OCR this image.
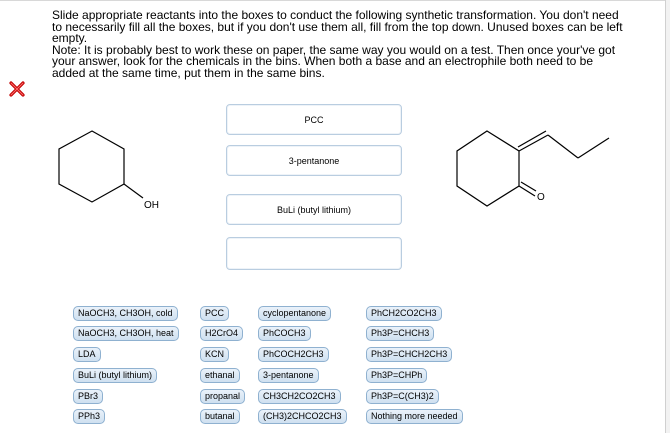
Slide appropriate reactants into the boxes to conduct the following synthetic transformation. You don't need

to necessarily fill all the boxes, but if you don't use them all, fill from the top down. Unused boxes can be left

empty.

Note: It is probably best to work these on paper, the same way you would on a test. Then once your've got

your answer, look for the chemicals in the bins. When both a base and an electrophile both need to be

added at the same time, put them in the same bins.

OH
O
PCC
3-pentanone
BuLi (butyl lithium)
NaOCH3, CH3OH, cold
NaOCH3, CH3OH, heat
LDA
BuLi (butyl lithium)
PBr3
PPh3
PCC
H2CrO4
KCN
ethanal
propanal
butanal
cyclopentanone
PhCOCH3
PhCOCH2CH3
3-pentanone
CH3CH2CO2CH3
(CH3)2CHCO2CH3
PhCH2CO2CH3
Ph3P=CHCH3
Ph3P=CHCH2CH3
Ph3P=CHPh
Ph3P=C(CH3)2
Nothing more needed
